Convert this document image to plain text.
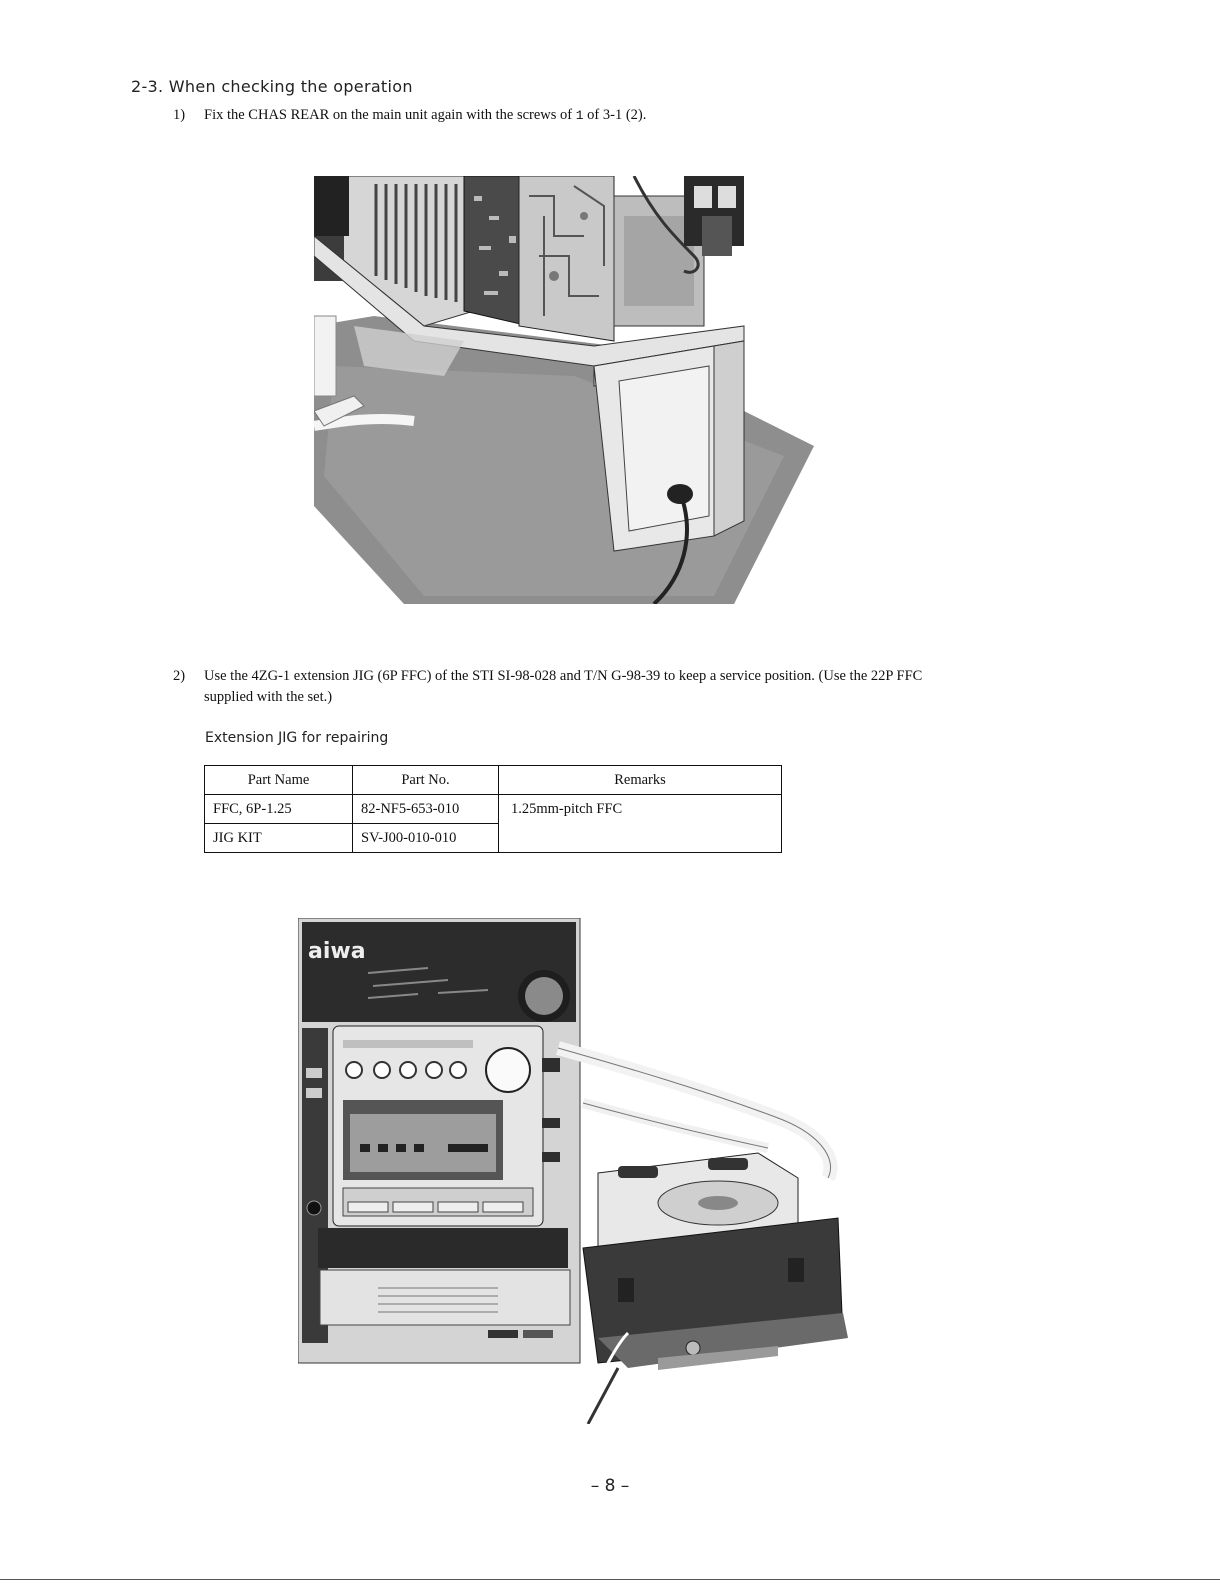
2-3. When checking the operation
1) Fix the CHAS REAR on the main unit again with the screws of 1 of 3-1 (2).
2) Use the 4ZG-1 extension JIG (6P FFC) of the STI SI-98-028 and T/N G-98-39 to keep a service position. (Use the 22P FFC
supplied with the set.)
Extension JIG for repairing
Part Name	Part No.	Remarks
FFC, 6P-1.25	82-NF5-653-010	1.25mm-pitch FFC
JIG KIT	SV-J00-010-010	
aiwa
– 8 –
